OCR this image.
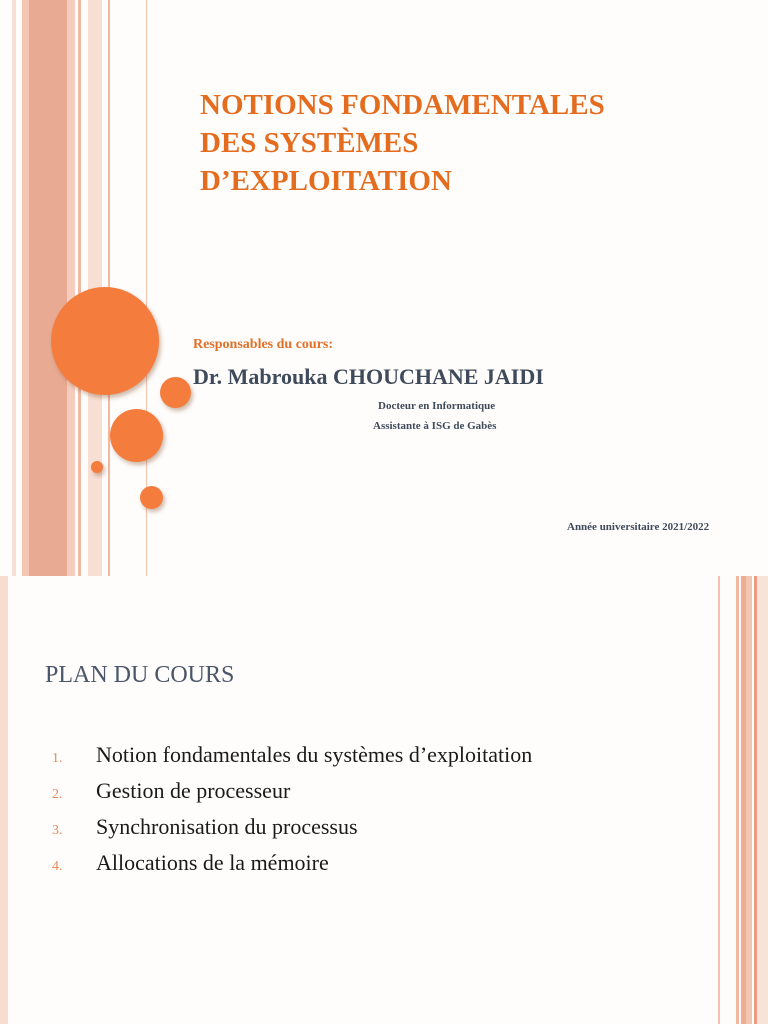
NOTIONS FONDAMENTALES
DES SYSTÈMES
D’EXPLOITATION
Responsables du cours:
Dr. Mabrouka CHOUCHANE JAIDI
Docteur en Informatique
Assistante à ISG de Gabès
Année universitaire 2021/2022
PLAN DU COURS
1.	Notion fondamentales du systèmes d’exploitation
2.	Gestion de processeur
3.	Synchronisation du processus
4.	Allocations de la mémoire
